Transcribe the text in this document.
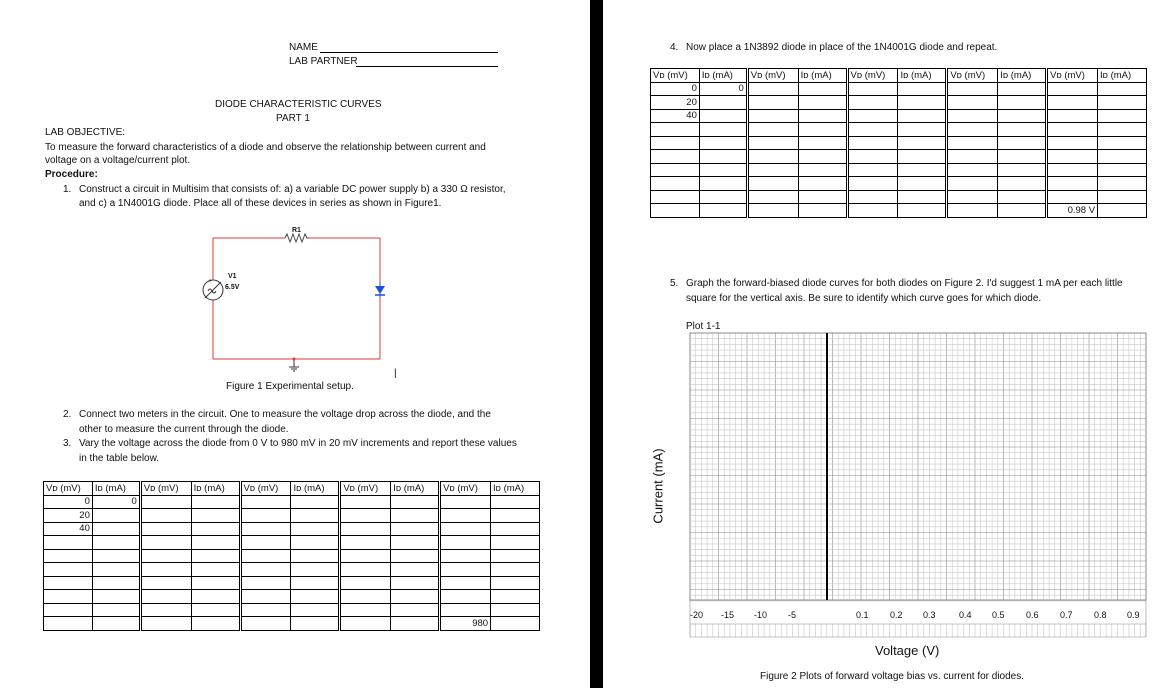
NAME
LAB PARTNER
DIODE CHARACTERISTIC CURVES
PART 1
LAB OBJECTIVE:
To measure the forward characteristics of a diode and observe the relationship between current and
voltage on a voltage/current plot.
Procedure:
1. Construct a circuit in Multisim that consists of: a) a variable DC power supply b) a 330 Ω resistor,
and c) a 1N4001G diode. Place all of these devices in series as shown in Figure1.
+
R1
V1
6.5V
|
Figure 1 Experimental setup.
2. Connect two meters in the circuit. One to measure the voltage drop across the diode, and the
other to measure the current through the diode.
3. Vary the voltage across the diode from 0 V to 980 mV in 20 mV increments and report these values
in the table below.
Vᴅ (mV)	Iᴅ (mA)	Vᴅ (mV)	Iᴅ (mA)	Vᴅ (mV)	Iᴅ (mA)	Vᴅ (mV)	Iᴅ (mA)	Vᴅ (mV)	Iᴅ (mA)
0	0								
20									
40									

								980	
4. Now place a 1N3892 diode in place of the 1N4001G diode and repeat.
Vᴅ (mV)	Iᴅ (mA)	Vᴅ (mV)	Iᴅ (mA)	Vᴅ (mV)	Iᴅ (mA)	Vᴅ (mV)	Iᴅ (mA)	Vᴅ (mV)	Iᴅ (mA)
0	0								
20									
40									

								0.98 V	
5. Graph the forward-biased diode curves for both diodes on Figure 2. I'd suggest 1 mA per each little
square for the vertical axis. Be sure to identify which curve goes for which diode.
Plot 1-1
Current (mA)
-20 -15 -10 -5	0.1 0.2 0.3	0.4 0.5 0.6 0.7 0.8 0.9
Voltage (V)
Figure 2 Plots of forward voltage bias vs. current for diodes.
